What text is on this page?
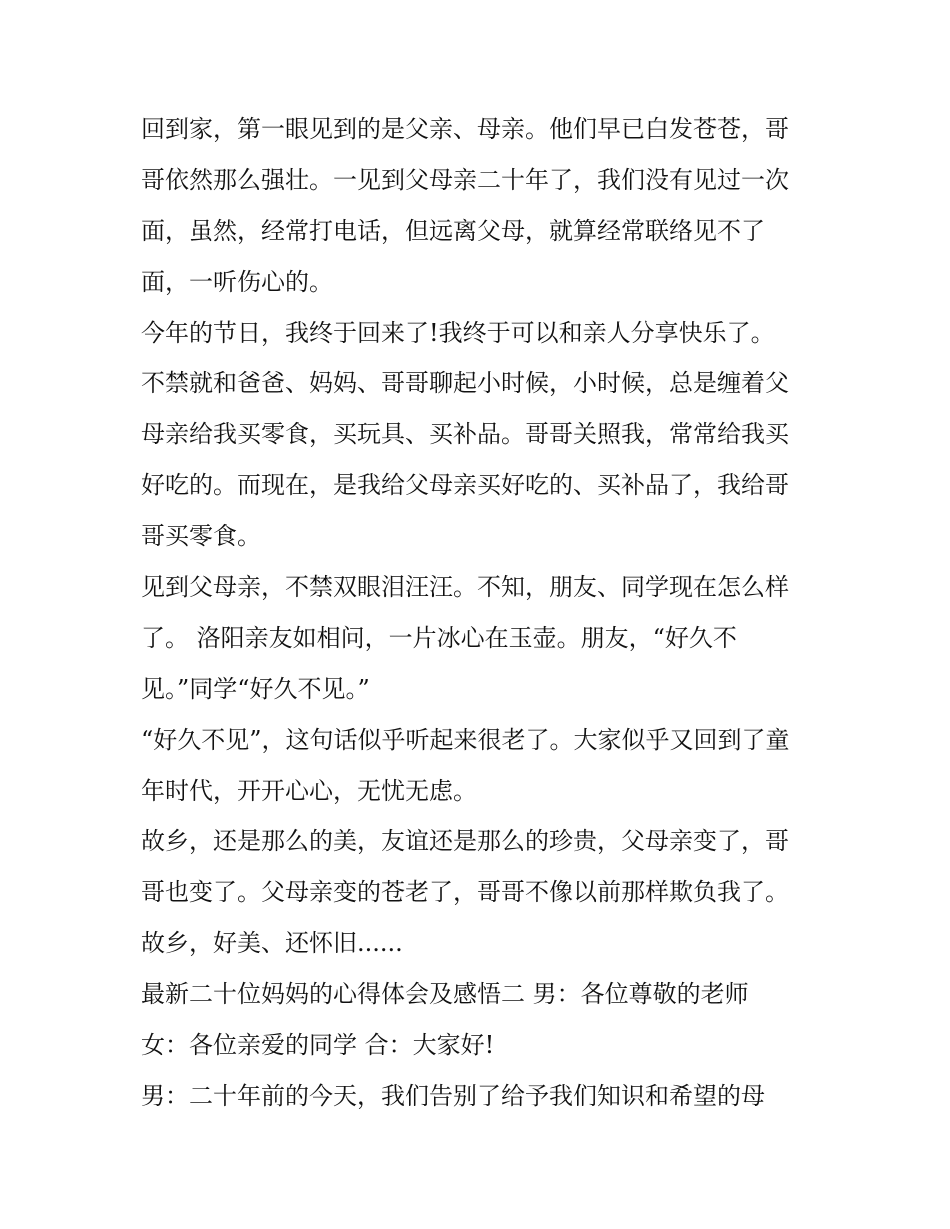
回到家，第一眼见到的是父亲、母亲。他们早已白发苍苍，哥
哥依然那么强壮。一见到父母亲二十年了，我们没有见过一次
面，虽然，经常打电话，但远离父母，就算经常联络见不了
面，一听伤心的。
今年的节日，我终于回来了!我终于可以和亲人分享快乐了。
不禁就和爸爸、妈妈、哥哥聊起小时候，小时候，总是缠着父
母亲给我买零食，买玩具、买补品。哥哥关照我，常常给我买
好吃的。而现在，是我给父母亲买好吃的、买补品了，我给哥
哥买零食。
见到父母亲，不禁双眼泪汪汪。不知，朋友、同学现在怎么样
了。 洛阳亲友如相问，一片冰心在玉壶。朋友，“好久不
见。”同学“好久不见。”
“好久不见”，这句话似乎听起来很老了。大家似乎又回到了童
年时代，开开心心，无忧无虑。
故乡，还是那么的美，友谊还是那么的珍贵，父母亲变了，哥
哥也变了。父母亲变的苍老了，哥哥不像以前那样欺负我了。
故乡，好美、还怀旧......
最新二十位妈妈的心得体会及感悟二 男：各位尊敬的老师
女：各位亲爱的同学 合：大家好!
男：二十年前的今天，我们告别了给予我们知识和希望的母
